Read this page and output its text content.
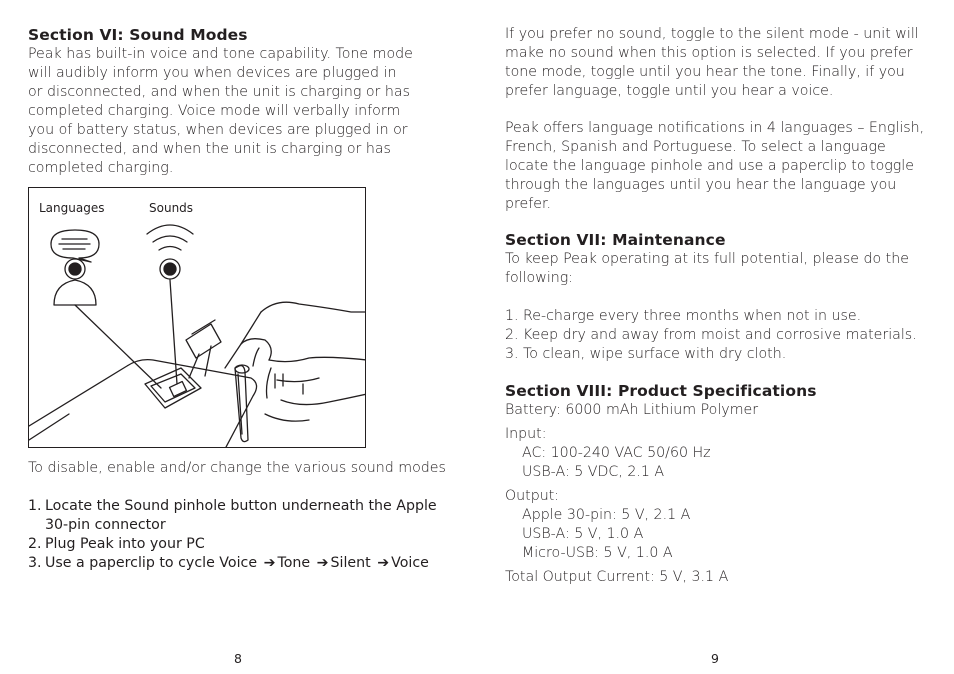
Section VI: Sound Modes

Peak has built-in voice and tone capability. Tone mode

will audibly inform you when devices are plugged in

or disconnected, and when the unit is charging or has

completed charging. Voice mode will verbally inform

you of battery status, when devices are plugged in or

disconnected, and when the unit is charging or has

completed charging.

To disable, enable and/or change the various sound modes

1. Locate the Sound pinhole button underneath the Apple
30-pin connector
2. Plug Peak into your PC
3. Use a paperclip to cycle Voice ➔ Tone ➔ Silent ➔ Voice
8
Languages	Sounds

If you prefer no sound, toggle to the silent mode - unit will

make no sound when this option is selected. If you prefer

tone mode, toggle until you hear the tone. Finally, if you

prefer language, toggle until you hear a voice.

Peak offers language notifications in 4 languages – English,

French, Spanish and Portuguese. To select a language

locate the language pinhole and use a paperclip to toggle

through the languages until you hear the language you

prefer.

Section VII: Maintenance

To keep Peak operating at its full potential, please do the

following:

1. Re-charge every three months when not in use.

2. Keep dry and away from moist and corrosive materials.

3. To clean, wipe surface with dry cloth.

Section VIII: Product Specifications

Battery: 6000 mAh Lithium Polymer

Input:

AC: 100-240 VAC 50/60 Hz

USB-A: 5 VDC, 2.1 A

Output:

Apple 30-pin: 5 V, 2.1 A

USB-A: 5 V, 1.0 A

Micro-USB: 5 V, 1.0 A

Total Output Current: 5 V, 3.1 A

9
